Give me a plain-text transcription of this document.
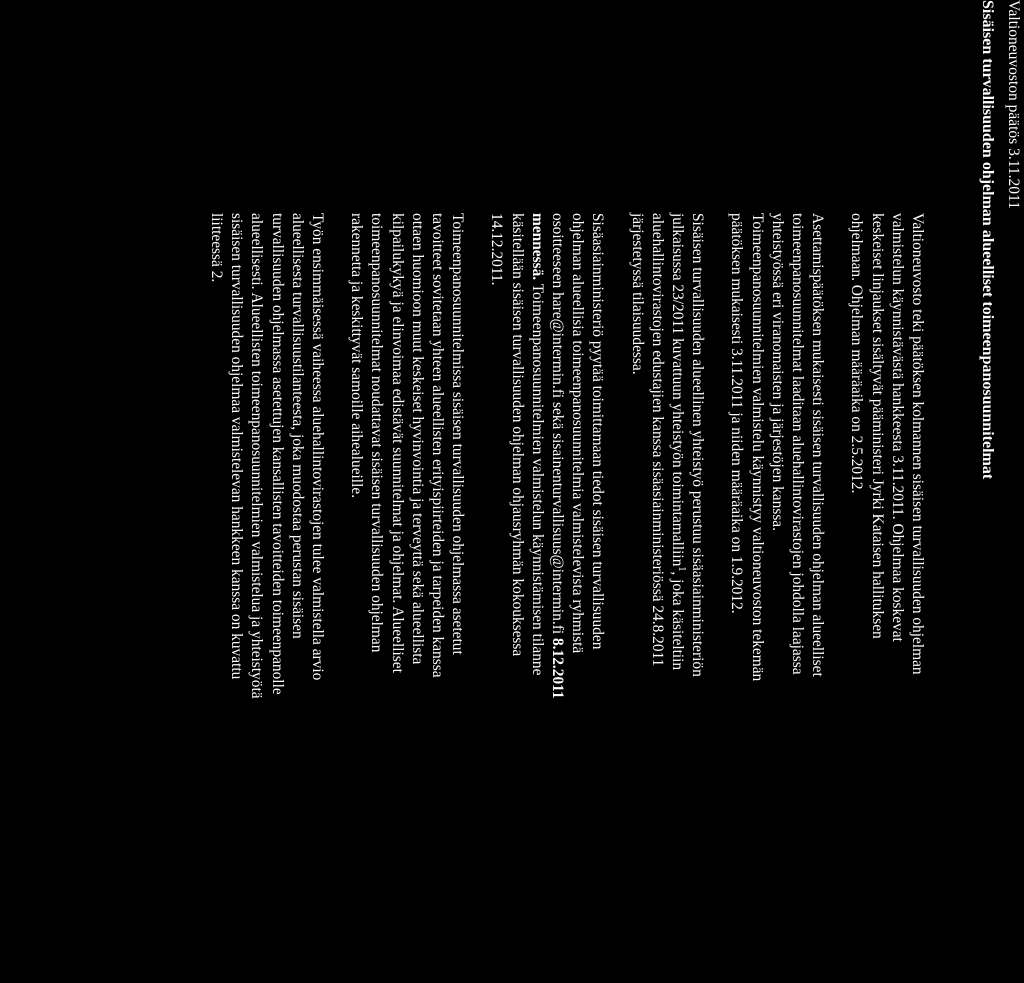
Valtioneuvoston päätös 3.11.2011
Sisäisen turvallisuuden ohjelman alueelliset toimeenpanosuunnitelmat

Valtioneuvosto teki päätöksen kolmannen sisäisen turvallisuuden ohjelman
valmistelun käynnistävästä hankkeesta 3.11.2011. Ohjelmaa koskevat
keskeiset linjaukset sisältyvät pääministeri Jyrki Kataisen hallituksen
ohjelmaan. Ohjelman määräaika on 2.5.2012.

Asettamispäätöksen mukaisesti sisäisen turvallisuuden ohjelman alueelliset
toimeenpanosuunnitelmat laaditaan aluehallintovirastojen johdolla laajassa
yhteistyössä eri viranomaisten ja järjestöjen kanssa.
Toimeenpanosuunnitelmien valmistelu käynnistyy valtioneuvoston tekemän
päätöksen mukaisesti 3.11.2011 ja niiden määräaika on 1.9.2012.

Sisäisen turvallisuuden alueellinen yhteistyö perustuu sisäasiainministeriön
julkaisussa 23/2011 kuvattuun yhteistyön toimintamalliin$^1$, joka käsiteltiin
aluehallintovirastojen edustajien kanssa sisäasiainministeriössä 24.8.2011
järjestetyssä tilaisuudessa.

Sisäasiainministeriö pyytää toimittamaan tiedot sisäisen turvallisuuden
ohjelman alueellisia toimeenpanosuunnitelmia valmistelevista ryhmistä
osoitteeseen hare@intermin.fi sekä sisainenturvallisuus@intermin.fi 8.12.2011
mennessä. Toimeenpanosuunnitelmien valmistelun käynnistämisen tilanne
käsitellään sisäisen turvallisuuden ohjelman ohjausryhmän kokouksessa
14.12.2011.

Toimeenpanosuunnitelmissa sisäisen turvallisuuden ohjelmassa asetetut
tavoitteet sovitetaan yhteen alueellisten erityispiirteiden ja tarpeiden kanssa
ottaen huomioon muut keskeiset hyvinvointia ja terveyttä sekä alueellista
kilpailukykyä ja elinvoimaa edistävät suunnitelmat ja ohjelmat. Alueelliset
toimeenpanosuunnitelmat noudattavat sisäisen turvallisuuden ohjelman
rakennetta ja keskittyvät samoille aihealueille.

Työn ensimmäisessä vaiheessa aluehallintovirastojen tulee valmistella arvio
alueellisesta turvallisuustilanteesta, joka muodostaa perustan sisäisen
turvallisuuden ohjelmassa asetettujen kansallisten tavoitteiden toimeenpanolle
alueellisesti. Alueellisten toimeenpanosuunnitelmien valmistelua ja yhteistyötä
sisäisen turvallisuuden ohjelmaa valmistelevan hankkeen kanssa on kuvattu
liitteessä 2.
